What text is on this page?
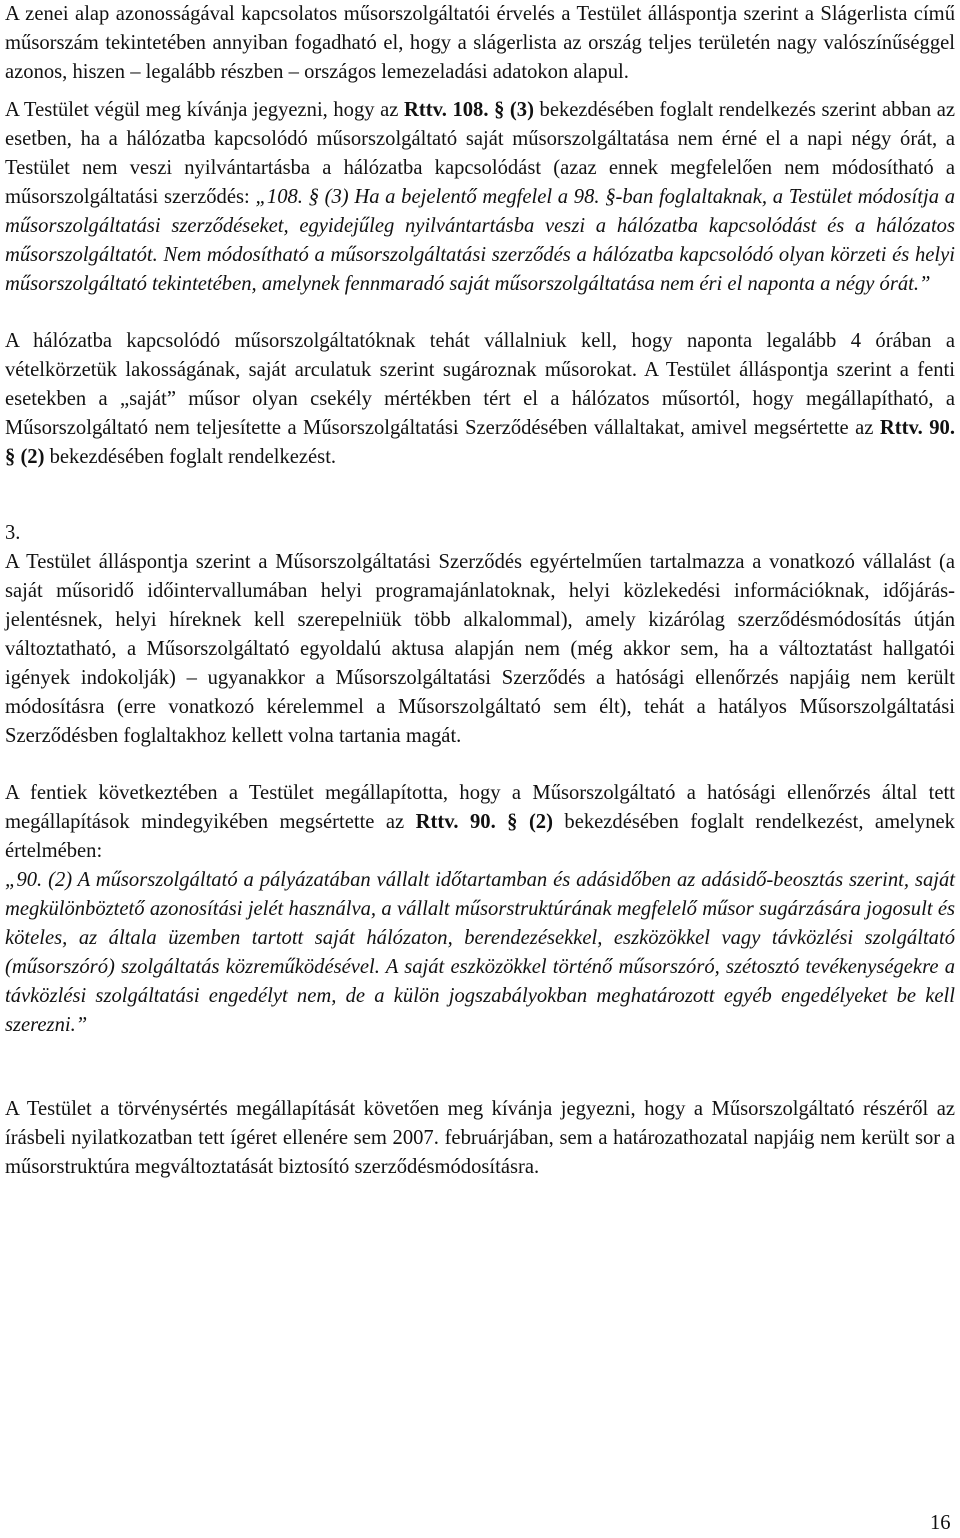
A zenei alap azonosságával kapcsolatos műsorszolgáltatói érvelés a Testület álláspontja szerint a Slágerlista című műsorszám tekintetében annyiban fogadható el, hogy a slágerlista az ország teljes területén nagy valószínűséggel azonos, hiszen – legalább részben – országos lemezeladási adatokon alapul.

A Testület végül meg kívánja jegyezni, hogy az Rttv. 108. § (3) bekezdésében foglalt rendelkezés szerint abban az esetben, ha a hálózatba kapcsolódó műsorszolgáltató saját műsorszolgáltatása nem érné el a napi négy órát, a Testület nem veszi nyilvántartásba a hálózatba kapcsolódást (azaz ennek megfelelően nem módosítható a műsorszolgáltatási szerződés: „108. § (3) Ha a bejelentő megfelel a 98. §-ban foglaltaknak, a Testület módosítja a műsorszolgáltatási szerződéseket, egyidejűleg nyilvántartásba veszi a hálózatba kapcsolódást és a hálózatos műsorszolgáltatót. Nem módosítható a műsorszolgáltatási szerződés a hálózatba kapcsolódó olyan körzeti és helyi műsorszolgáltató tekintetében, amelynek fennmaradó saját műsorszolgáltatása nem éri el naponta a négy órát.”

A hálózatba kapcsolódó műsorszolgáltatóknak tehát vállalniuk kell, hogy naponta legalább 4 órában a vételkörzetük lakosságának, saját arculatuk szerint sugároznak műsorokat. A Testület álláspontja szerint a fenti esetekben a „saját” műsor olyan csekély mértékben tért el a hálózatos műsortól, hogy megállapítható, a Műsorszolgáltató nem teljesítette a Műsorszolgáltatási Szerződésében vállaltakat, amivel megsértette az Rttv. 90. § (2) bekezdésében foglalt rendelkezést.

3.

A Testület álláspontja szerint a Műsorszolgáltatási Szerződés egyértelműen tartalmazza a vonatkozó vállalást (a saját műsoridő időintervallumában helyi programajánlatoknak, helyi közlekedési információknak, időjárás-jelentésnek, helyi híreknek kell szerepelniük több alkalommal), amely kizárólag szerződésmódosítás útján változtatható, a Műsorszolgáltató egyoldalú aktusa alapján nem (még akkor sem, ha a változtatást hallgatói igények indokolják) – ugyanakkor a Műsorszolgáltatási Szerződés a hatósági ellenőrzés napjáig nem került módosításra (erre vonatkozó kérelemmel a Műsorszolgáltató sem élt), tehát a hatályos Műsorszolgáltatási Szerződésben foglaltakhoz kellett volna tartania magát.

A fentiek következtében a Testület megállapította, hogy a Műsorszolgáltató a hatósági ellenőrzés által tett megállapítások mindegyikében megsértette az Rttv. 90. § (2) bekezdésében foglalt rendelkezést, amelynek értelmében:
„90. (2) A műsorszolgáltató a pályázatában vállalt időtartamban és adásidőben az adásidő-beosztás szerint, saját megkülönböztető azonosítási jelét használva, a vállalt műsorstruktúrának megfelelő műsor sugárzására jogosult és köteles, az általa üzemben tartott saját hálózaton, berendezésekkel, eszközökkel vagy távközlési szolgáltató (műsorszóró) szolgáltatás közreműködésével. A saját eszközökkel történő műsorszóró, szétosztó tevékenységekre a távközlési szolgáltatási engedélyt nem, de a külön jogszabályokban meghatározott egyéb engedélyeket be kell szerezni.”

A Testület a törvénysértés megállapítását követően meg kívánja jegyezni, hogy a Műsorszolgáltató részéről az írásbeli nyilatkozatban tett ígéret ellenére sem 2007. februárjában, sem a határozathozatal napjáig nem került sor a műsorstruktúra megváltoztatását biztosító szerződésmódosításra.

16
